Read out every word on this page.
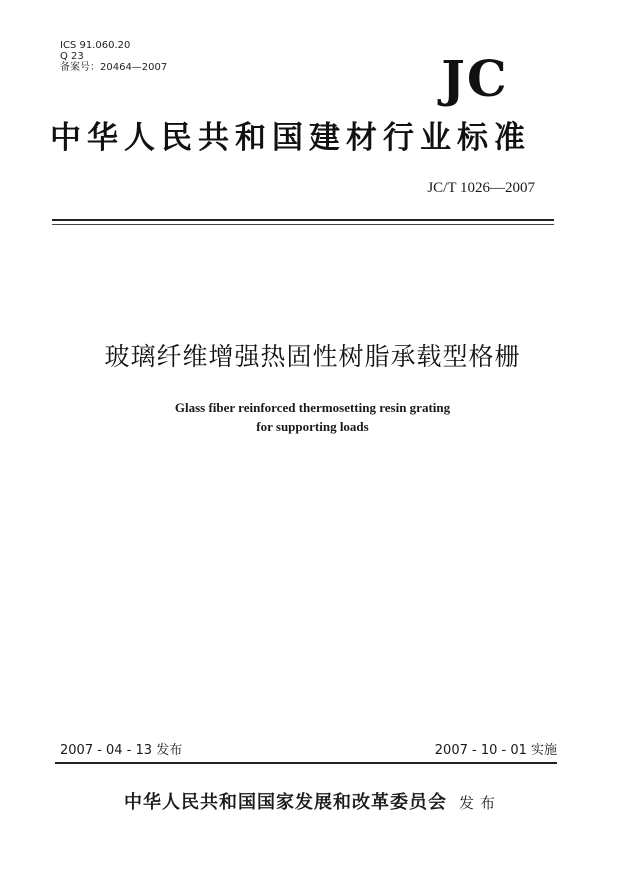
ICS 91.060.20
Q 23
备案号：20464—2007	JC
中华人民共和国建材行业标准
JC/T 1026—2007
玻璃纤维增强热固性树脂承载型格栅
Glass fiber reinforced thermosetting resin grating
for supporting loads
2007 - 04 - 13 发布	2007 - 10 - 01 实施
中华人民共和国国家发展和改革委员会 发布
